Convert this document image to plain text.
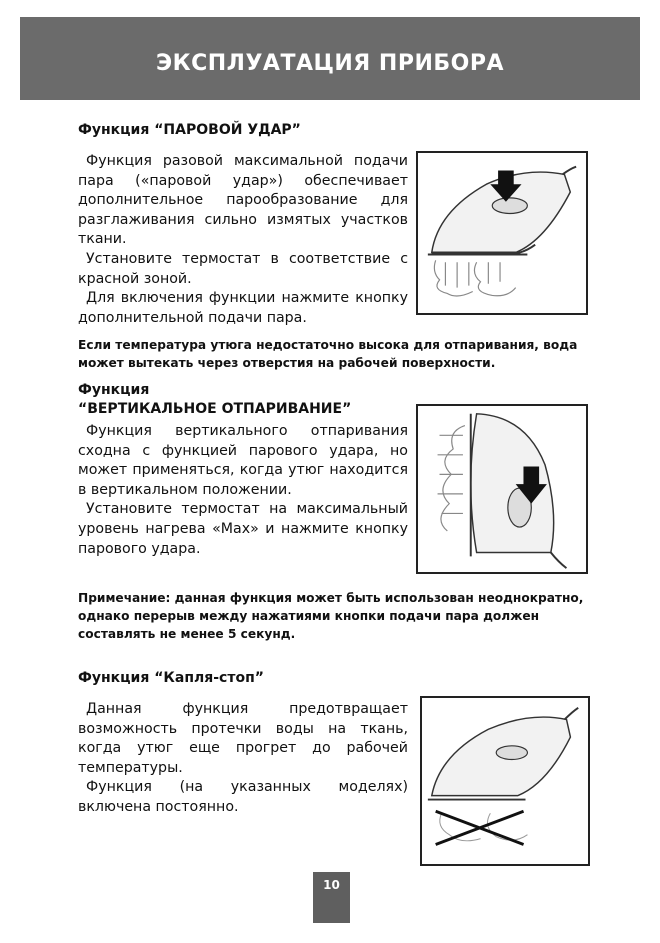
ЭКСПЛУАТАЦИЯ ПРИБОРА
Функция “ПАРОВОЙ УДАР”

Функция разовой максимальной подачи пара («паровой удар») обеспечивает дополнительное парообразование для разглаживания сильно измятых участков ткани.

Установите термостат в соответствие с красной зоной.

Для включения функции нажмите кнопку дополнительной подачи пара.

Если температура утюга недостаточно высока для отпаривания, вода может вытекать через отверстия на рабочей поверхности.
Функция
“ВЕРТИКАЛЬНОЕ ОТПАРИВАНИЕ”

Функция вертикального отпаривания сходна с функцией парового удара, но может применяться, когда утюг находится в вертикальном положении.

Установите термостат на максимальный уровень нагрева «Max» и нажмите кнопку парового удара.

Примечание: данная функция может быть использован неоднократно, однако перерыв между нажатиями кнопки подачи пара должен составлять не менее 5 секунд.
Функция “Капля-стоп”

Данная функция предотвращает возможность протечки воды на ткань, когда утюг еще прогрет до рабочей температуры.

Функция (на указанных моделях) включена постоянно.

10
